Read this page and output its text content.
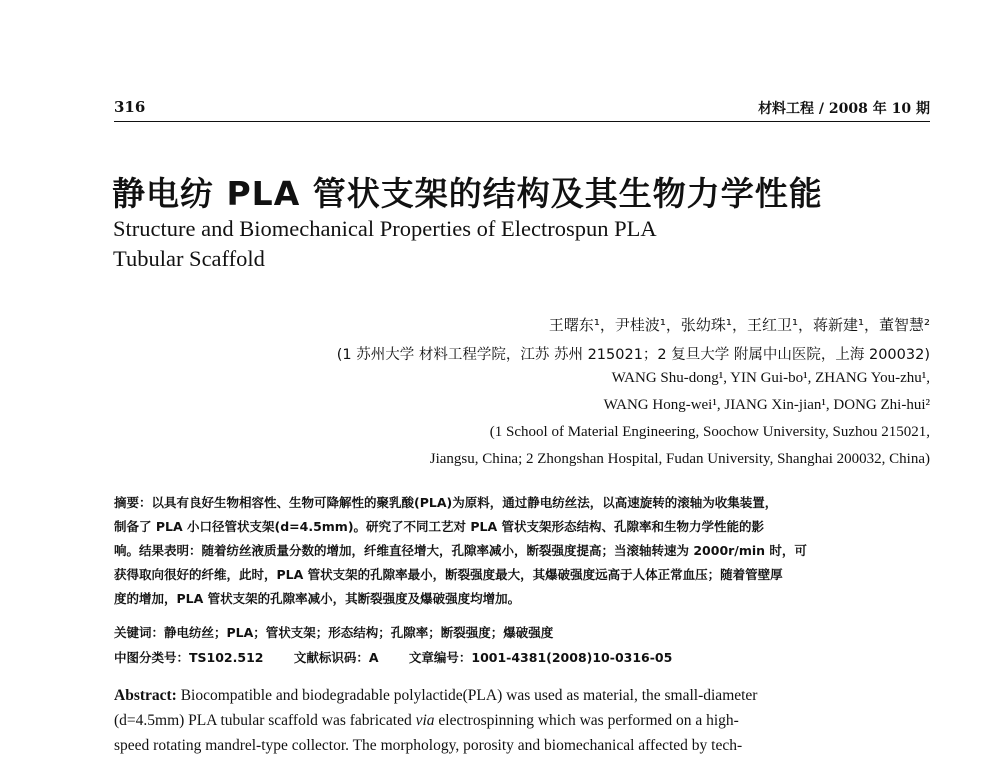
316	材料工程 / 2008 年 10 期
静电纺 PLA 管状支架的结构及其生物力学性能
Structure and Biomechanical Properties of Electrospun PLA
Tubular Scaffold
王曙东¹，尹桂波¹，张幼珠¹，王红卫¹，蒋新建¹，董智慧²
(1 苏州大学 材料工程学院，江苏 苏州 215021；2 复旦大学 附属中山医院，上海 200032)
WANG Shu-dong¹, YIN Gui-bo¹, ZHANG You-zhu¹,
WANG Hong-wei¹, JIANG Xin-jian¹, DONG Zhi-hui²
(1 School of Material Engineering, Soochow University, Suzhou 215021,
Jiangsu, China; 2 Zhongshan Hospital, Fudan University, Shanghai 200032, China)
摘要：以具有良好生物相容性、生物可降解性的聚乳酸(PLA)为原料，通过静电纺丝法，以高速旋转的滚轴为收集装置，
制备了 PLA 小口径管状支架(d=4.5mm)。研究了不同工艺对 PLA 管状支架形态结构、孔隙率和生物力学性能的影
响。结果表明：随着纺丝液质量分数的增加，纤维直径增大，孔隙率减小，断裂强度提高；当滚轴转速为 2000r/min 时，可
获得取向很好的纤维，此时，PLA 管状支架的孔隙率最小，断裂强度最大，其爆破强度远高于人体正常血压；随着管壁厚
度的增加，PLA 管状支架的孔隙率减小，其断裂强度及爆破强度均增加。
关键词：静电纺丝；PLA；管状支架；形态结构；孔隙率；断裂强度；爆破强度
中图分类号：TS102.512 文献标识码：A 文章编号：1001-4381(2008)10-0316-05
Abstract: Biocompatible and biodegradable polylactide(PLA) was used as material, the small-diameter
(d=4.5mm) PLA tubular scaffold was fabricated via electrospinning which was performed on a high-
speed rotating mandrel-type collector. The morphology, porosity and biomechanical affected by tech-
